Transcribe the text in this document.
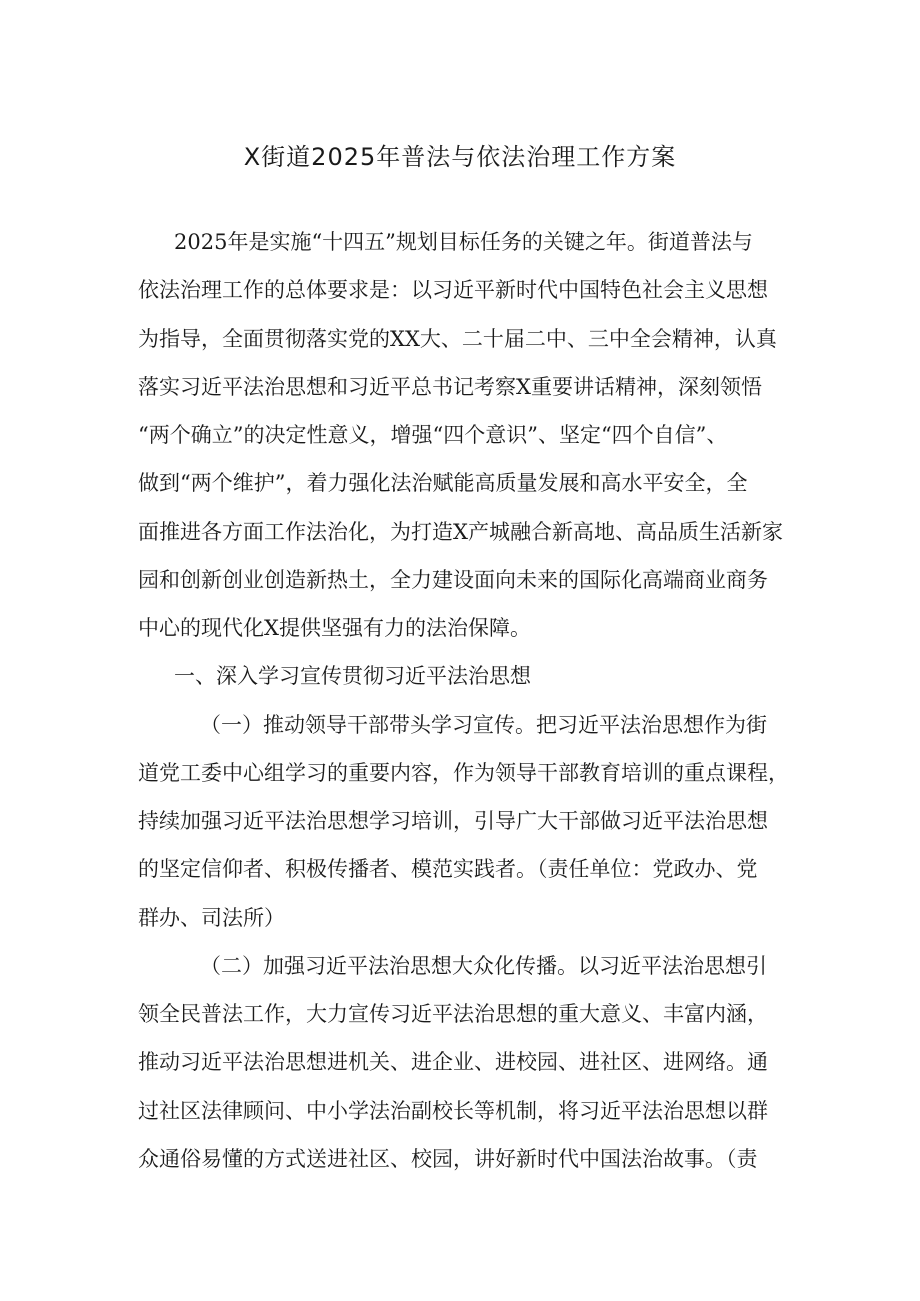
X街道2025年普法与依法治理工作方案
2025年是实施“十四五”规划目标任务的关键之年。街道普法与
依法治理工作的总体要求是：以习近平新时代中国特色社会主义思想
为指导，全面贯彻落实党的XX大、二十届二中、三中全会精神，认真
落实习近平法治思想和习近平总书记考察X重要讲话精神，深刻领悟
“两个确立”的决定性意义，增强“四个意识”、坚定“四个自信”、
做到“两个维护”，着力强化法治赋能高质量发展和高水平安全，全
面推进各方面工作法治化，为打造X产城融合新高地、高品质生活新家
园和创新创业创造新热土，全力建设面向未来的国际化高端商业商务
中心的现代化X提供坚强有力的法治保障。
一、深入学习宣传贯彻习近平法治思想
（一）推动领导干部带头学习宣传。把习近平法治思想作为街
道党工委中心组学习的重要内容，作为领导干部教育培训的重点课程，
持续加强习近平法治思想学习培训，引导广大干部做习近平法治思想
的坚定信仰者、积极传播者、模范实践者。（责任单位：党政办、党
群办、司法所）
（二）加强习近平法治思想大众化传播。以习近平法治思想引
领全民普法工作，大力宣传习近平法治思想的重大意义、丰富内涵，
推动习近平法治思想进机关、进企业、进校园、进社区、进网络。通
过社区法律顾问、中小学法治副校长等机制，将习近平法治思想以群
众通俗易懂的方式送进社区、校园，讲好新时代中国法治故事。（责
